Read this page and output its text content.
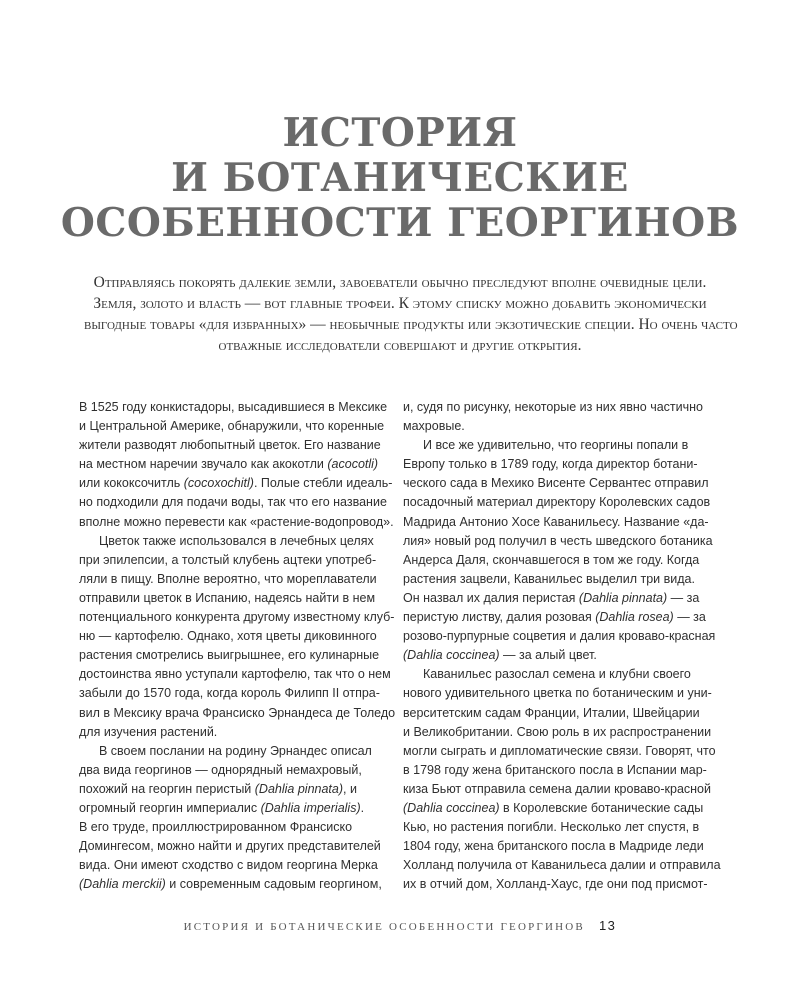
ИСТОРИЯ
И БОТАНИЧЕСКИЕ
ОСОБЕННОСТИ ГЕОРГИНОВ
Отправляясь покорять далекие земли, завоеватели обычно преследуют вполне очевидные цели.
Земля, золото и власть — вот главные трофеи. К этому списку можно добавить экономически
выгодные товары «для избранных» — необычные продукты или экзотические специи. Но очень часто
отважные исследователи совершают и другие открытия.
В 1525 году конкистадоры, высадившиеся в Мексике
и Центральной Америке, обнаружили, что коренные
жители разводят любопытный цветок. Его название
на местном наречии звучало как акокотли (acocotli)
или кококсочитль (cocoxochitl). Полые стебли идеаль-
но подходили для подачи воды, так что его название
вполне можно перевести как «растение-водопровод».
Цветок также использовался в лечебных целях
при эпилепсии, а толстый клубень ацтеки употреб-
ляли в пищу. Вполне вероятно, что мореплаватели
отправили цветок в Испанию, надеясь найти в нем
потенциального конкурента другому известному клуб-
ню — картофелю. Однако, хотя цветы диковинного
растения смотрелись выигрышнее, его кулинарные
достоинства явно уступали картофелю, так что о нем
забыли до 1570 года, когда король Филипп II отпра-
вил в Мексику врача Франсиско Эрнандеса де Толедо
для изучения растений.
В своем послании на родину Эрнандес описал
два вида георгинов — однорядный немахровый,
похожий на георгин перистый (Dahlia pinnata), и
огромный георгин империалис (Dahlia imperialis).
В его труде, проиллюстрированном Франсиско
Домингесом, можно найти и других представителей
вида. Они имеют сходство с видом георгина Мерка
(Dahlia merckii) и современным садовым георгином,
и, судя по рисунку, некоторые из них явно частично
махровые.
И все же удивительно, что георгины попали в
Европу только в 1789 году, когда директор ботани-
ческого сада в Мехико Висенте Сервантес отправил
посадочный материал директору Королевских садов
Мадрида Антонио Хосе Каванильесу. Название «да-
лия» новый род получил в честь шведского ботаника
Андерса Даля, скончавшегося в том же году. Когда
растения зацвели, Каванильес выделил три вида.
Он назвал их далия перистая (Dahlia pinnata) — за
перистую листву, далия розовая (Dahlia rosea) — за
розово-пурпурные соцветия и далия кроваво-красная
(Dahlia coccinea) — за алый цвет.
Каванильес разослал семена и клубни своего
нового удивительного цветка по ботаническим и уни-
верситетским садам Франции, Италии, Швейцарии
и Великобритании. Свою роль в их распространении
могли сыграть и дипломатические связи. Говорят, что
в 1798 году жена британского посла в Испании мар-
киза Бьют отправила семена далии кроваво-красной
(Dahlia coccinea) в Королевские ботанические сады
Кью, но растения погибли. Несколько лет спустя, в
1804 году, жена британского посла в Мадриде леди
Холланд получила от Каванильеса далии и отправила
их в отчий дом, Холланд-Хаус, где они под присмот-
ИСТОРИЯ И БОТАНИЧЕСКИЕ ОСОБЕННОСТИ ГЕОРГИНОВ 13
